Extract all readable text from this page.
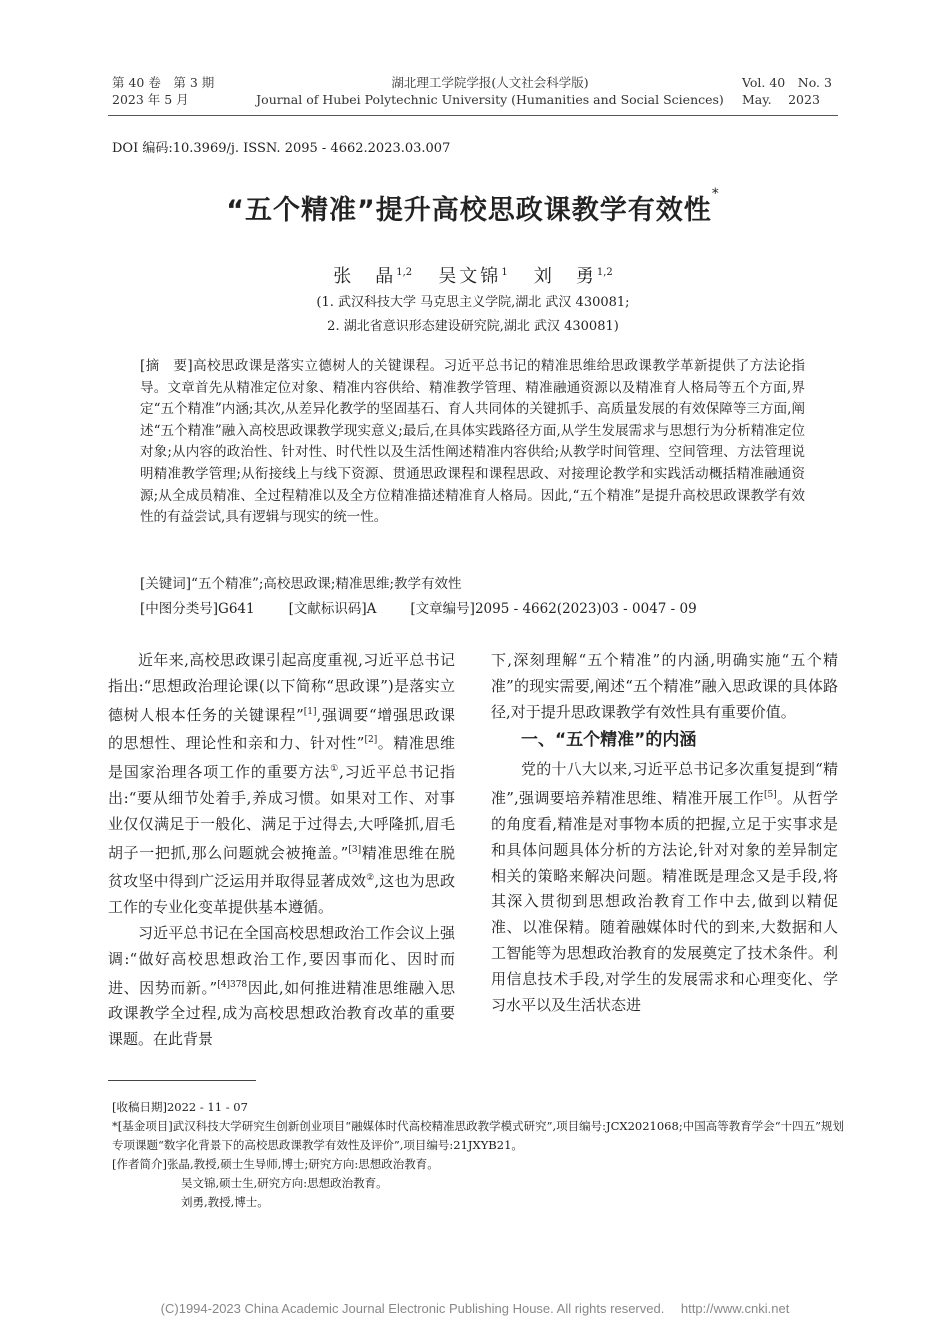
第 40 卷　第 3 期
2023 年 5 月
湖北理工学院学报(人文社会科学版)
Journal of Hubei Polytechnic University (Humanities and Social Sciences)
Vol. 40　No. 3
May.　 2023
DOI 编码:10.3969/j. ISSN. 2095 - 4662.2023.03.007
“五个精准”提升高校思政课教学有效性*
张　晶$^{1,2}$ 吴文锦$^1$ 刘　勇$^{1,2}$
(1. 武汉科技大学 马克思主义学院,湖北 武汉 430081;
2. 湖北省意识形态建设研究院,湖北 武汉 430081)
[摘　要]高校思政课是落实立德树人的关键课程。习近平总书记的精准思维给思政课教学革新提供了方法论指导。文章首先从精准定位对象、精准内容供给、精准教学管理、精准融通资源以及精准育人格局等五个方面,界定“五个精准”内涵;其次,从差异化教学的坚固基石、育人共同体的关键抓手、高质量发展的有效保障等三方面,阐述“五个精准”融入高校思政课教学现实意义;最后,在具体实践路径方面,从学生发展需求与思想行为分析精准定位对象;从内容的政治性、针对性、时代性以及生活性阐述精准内容供给;从教学时间管理、空间管理、方法管理说明精准教学管理;从衔接线上与线下资源、贯通思政课程和课程思政、对接理论教学和实践活动概括精准融通资源;从全成员精准、全过程精准以及全方位精准描述精准育人格局。因此,“五个精准”是提升高校思政课教学有效性的有益尝试,具有逻辑与现实的统一性。
[关键词]“五个精准”;高校思政课;精准思维;教学有效性
[中图分类号]G641	[文献标识码]A	[文章编号]2095 - 4662(2023)03 - 0047 - 09

近年来,高校思政课引起高度重视,习近平总书记指出:“思想政治理论课(以下简称“思政课”)是落实立德树人根本任务的关键课程”[1],强调要“增强思政课的思想性、理论性和亲和力、针对性”[2]。精准思维是国家治理各项工作的重要方法①,习近平总书记指出:“要从细节处着手,养成习惯。如果对工作、对事业仅仅满足于一般化、满足于过得去,大呼隆抓,眉毛胡子一把抓,那么问题就会被掩盖。”[3]精准思维在脱贫攻坚中得到广泛运用并取得显著成效②,这也为思政工作的专业化变革提供基本遵循。

习近平总书记在全国高校思想政治工作会议上强调:“做好高校思想政治工作,要因事而化、因时而进、因势而新。”$^{[4]378}$因此,如何推进精准思维融入思政课教学全过程,成为高校思想政治教育改革的重要课题。在此背景

下,深刻理解“五个精准”的内涵,明确实施“五个精准”的现实需要,阐述“五个精准”融入思政课的具体路径,对于提升思政课教学有效性具有重要价值。

一、“五个精准”的内涵

党的十八大以来,习近平总书记多次重复提到“精准”,强调要培养精准思维、精准开展工作[5]。从哲学的角度看,精准是对事物本质的把握,立足于实事求是和具体问题具体分析的方法论,针对对象的差异制定相关的策略来解决问题。精准既是理念又是手段,将其深入贯彻到思想政治教育工作中去,做到以精促准、以准保精。随着融媒体时代的到来,大数据和人工智能等为思想政治教育的发展奠定了技术条件。利用信息技术手段,对学生的发展需求和心理变化、学习水平以及生活状态进

[收稿日期]2022 - 11 - 07
*[基金项目]武汉科技大学研究生创新创业项目“融媒体时代高校精准思政教学模式研究”,项目编号:JCX2021068;中国高等教育学会“十四五”规划专项课题“数字化背景下的高校思政课教学有效性及评价”,项目编号:21JXYB21。
[作者简介]张晶,教授,硕士生导师,博士;研究方向:思想政治教育。
吴文锦,硕士生,研究方向:思想政治教育。
刘勇,教授,博士。
(C)1994-2023 China Academic Journal Electronic Publishing House. All rights reserved.　 http://www.cnki.net
